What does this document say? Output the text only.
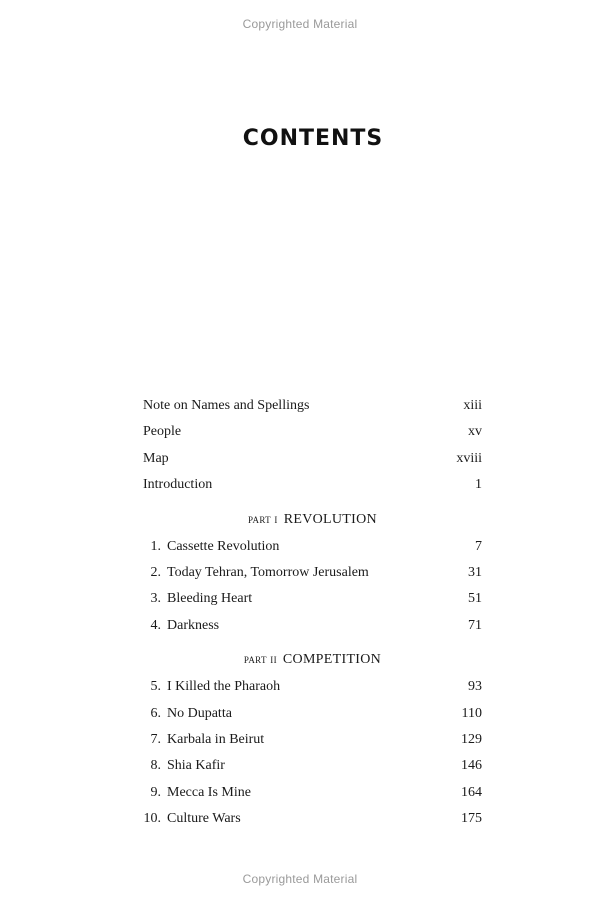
Copyrighted Material
CONTENTS
Note on Names and Spellings	xiii
People	xv
Map	xviii
Introduction	1
part i REVOLUTION
1. Cassette Revolution	7
2. Today Tehran, Tomorrow Jerusalem	31
3. Bleeding Heart	51
4. Darkness	71
part ii COMPETITION
5. I Killed the Pharaoh	93
6. No Dupatta	110
7. Karbala in Beirut	129
8. Shia Kafir	146
9. Mecca Is Mine	164
10. Culture Wars	175
Copyrighted Material
